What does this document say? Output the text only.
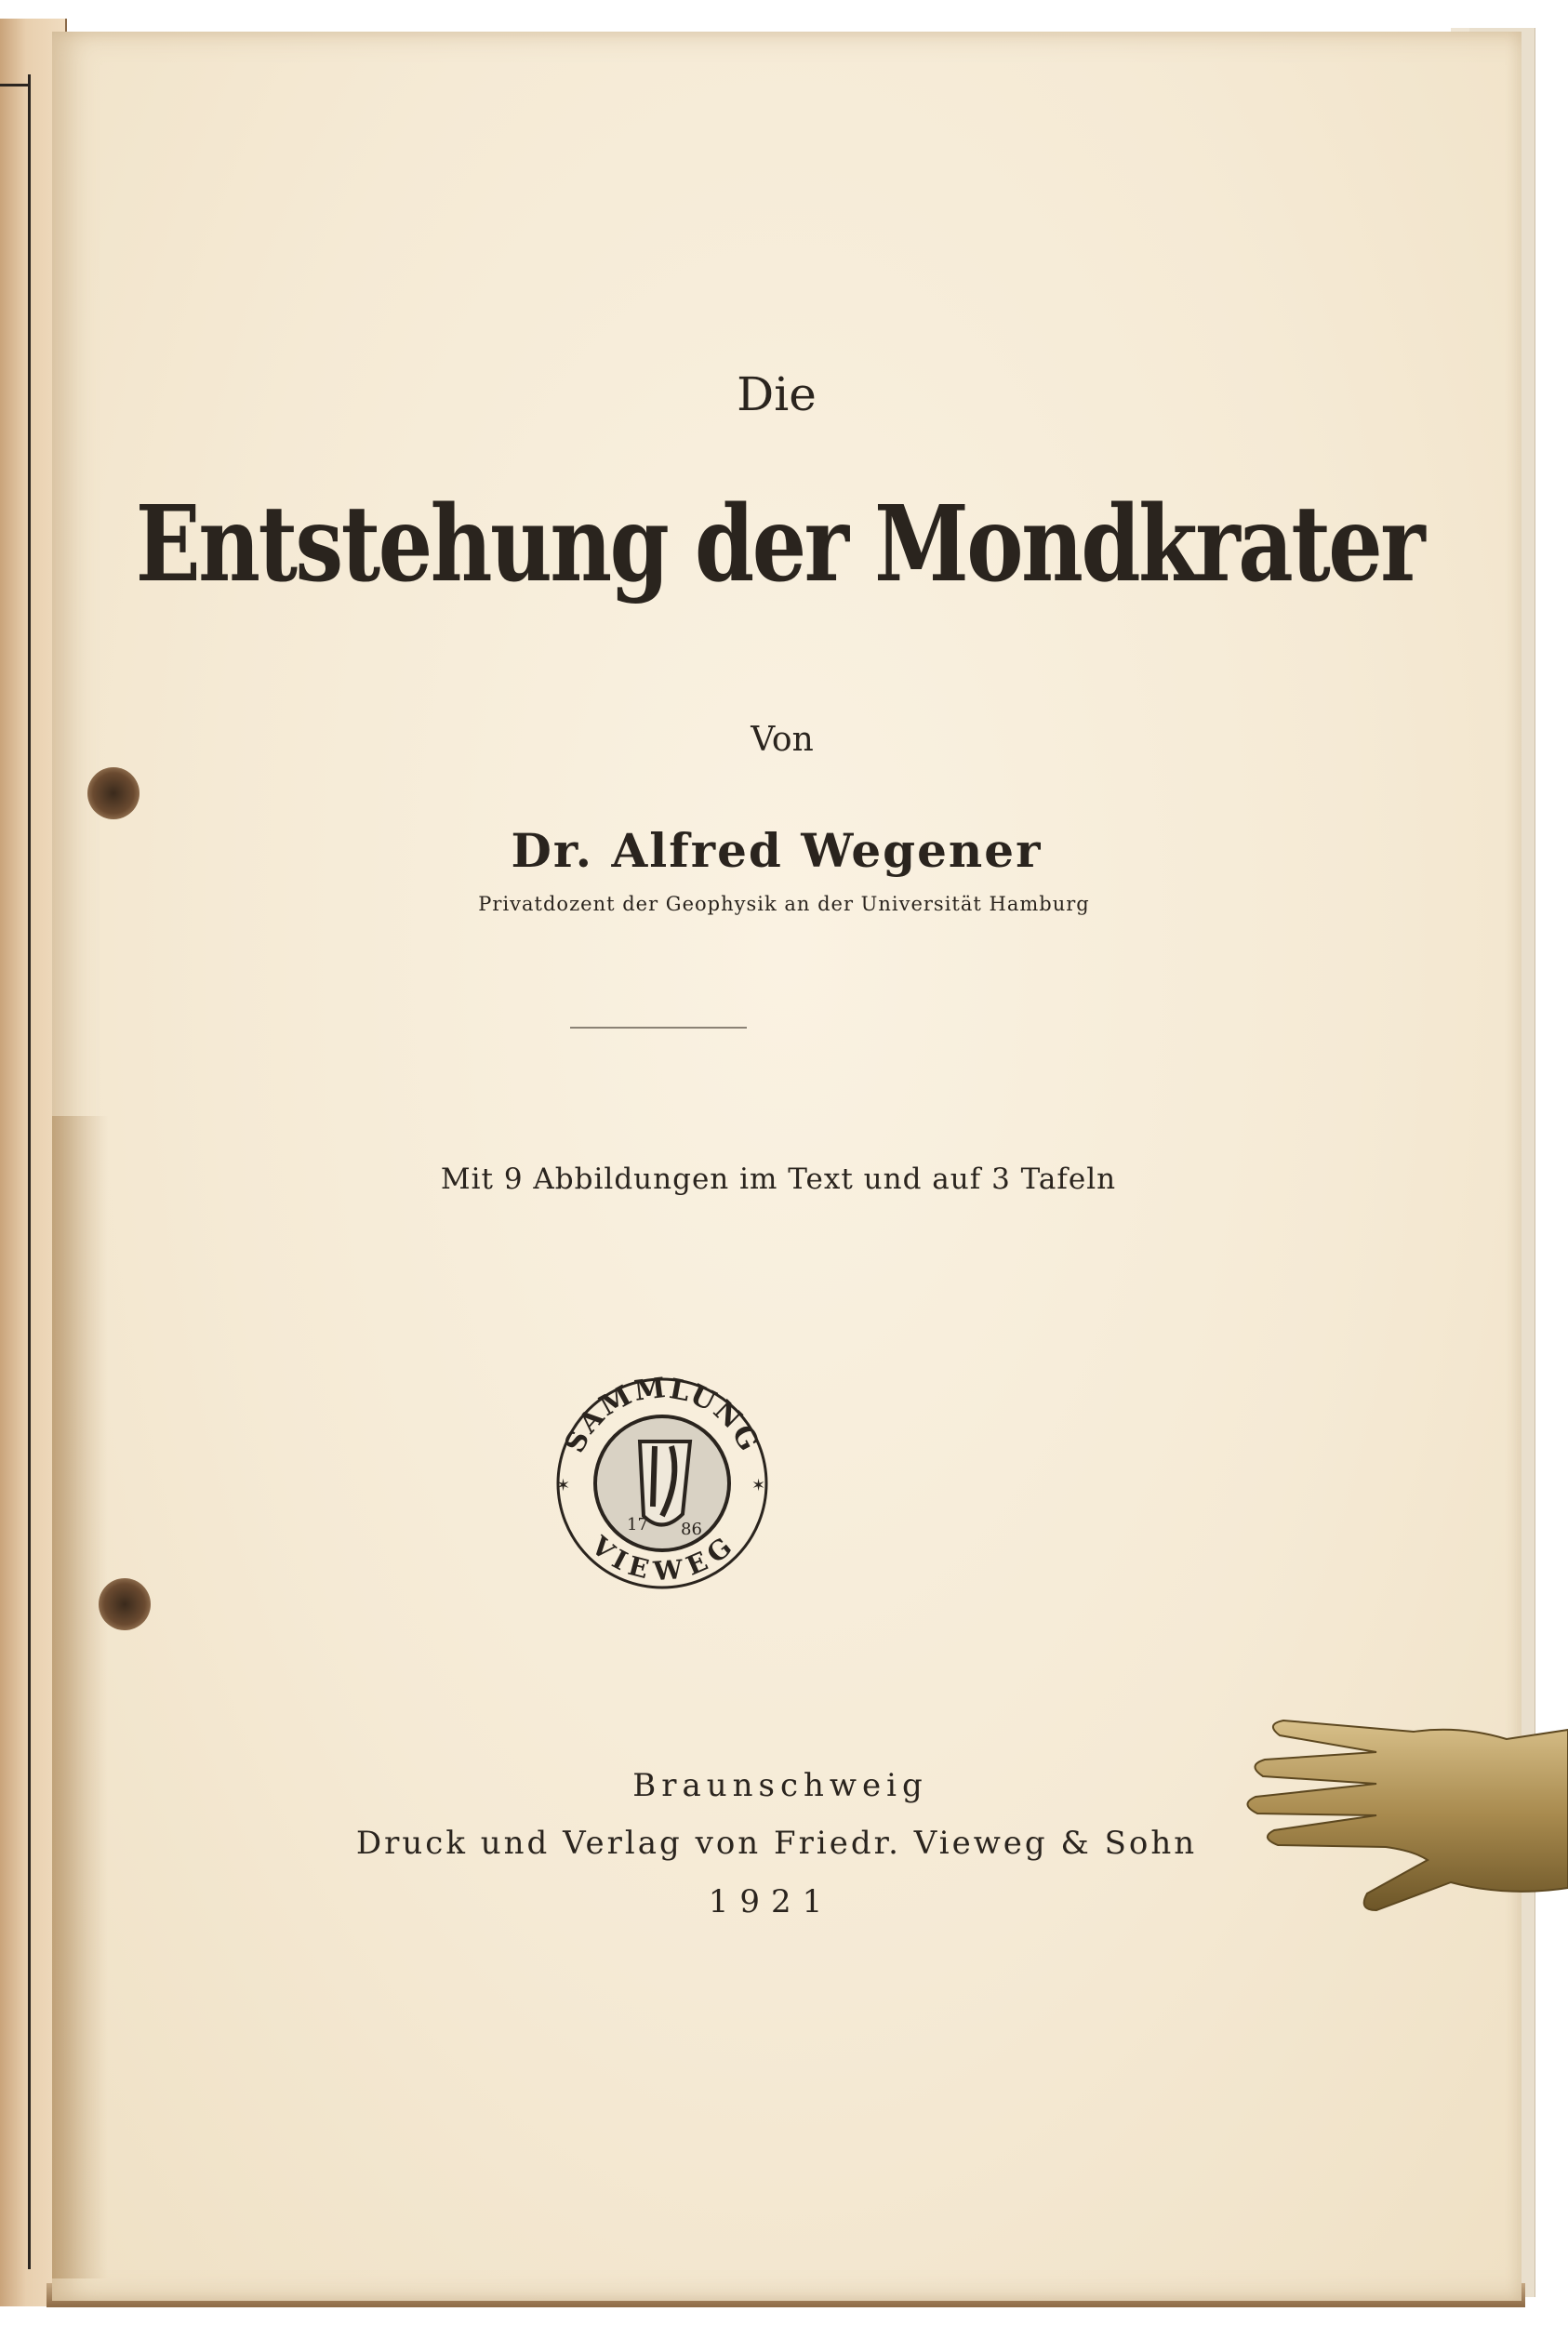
Die
Entstehung der Mondkrater
Von
Dr. Alfred Wegener
Privatdozent der Geophysik an der Universität Hamburg
Mit 9 Abbildungen im Text und auf 3 Tafeln
SAMMLUNG
VIEWEG
17 86
✶	✶
Braunschweig
Druck und Verlag von Friedr. Vieweg & Sohn
1921
